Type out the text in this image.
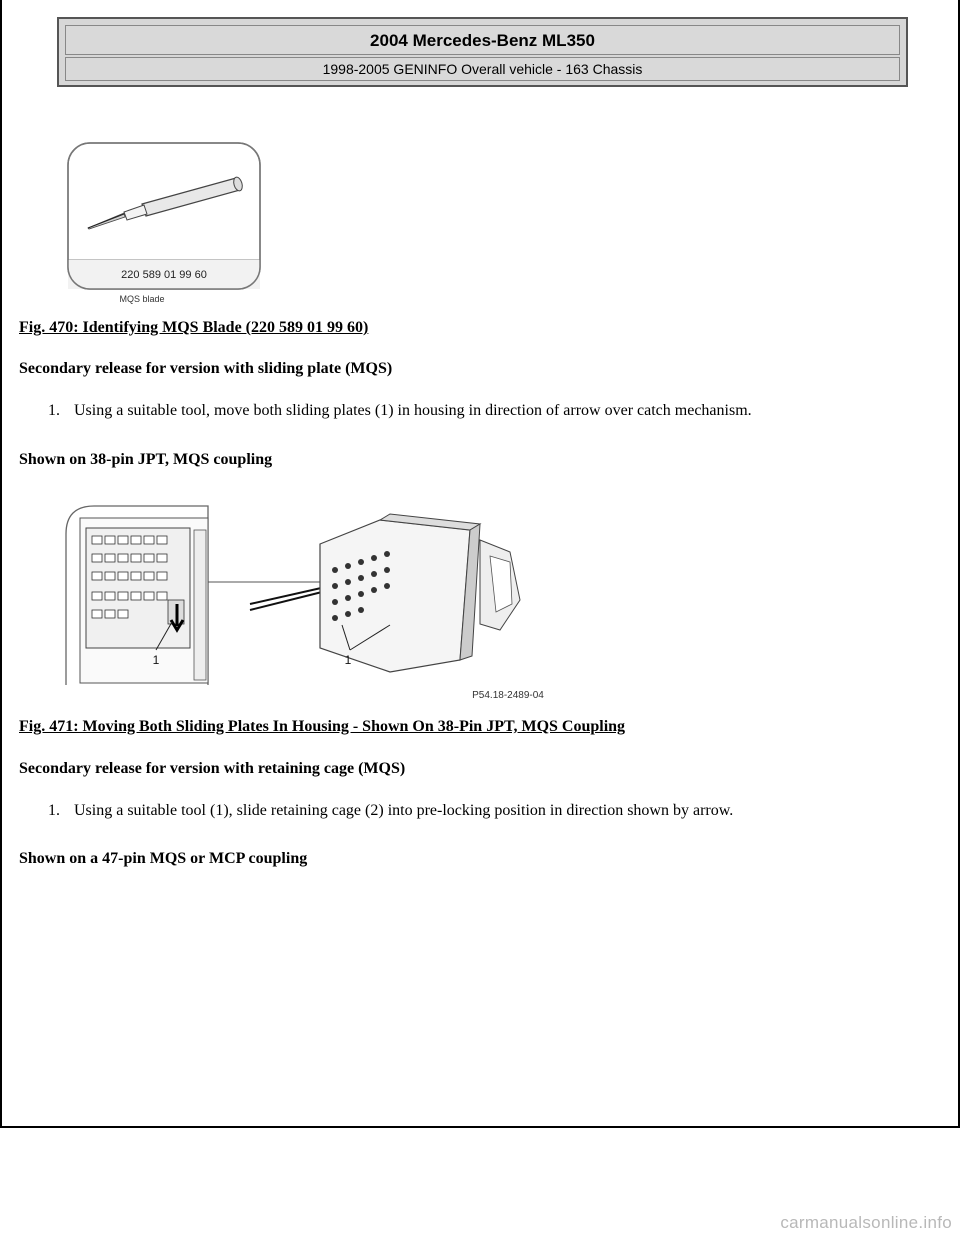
2004 Mercedes-Benz ML350
1998-2005 GENINFO Overall vehicle - 163 Chassis
220 589 01 99 60
MQS blade
Fig. 470: Identifying MQS Blade (220 589 01 99 60)
Secondary release for version with sliding plate (MQS)
1. Using a suitable tool, move both sliding plates (1) in housing in direction of arrow over catch mechanism.
Shown on 38-pin JPT, MQS coupling
1	1
P54.18-2489-04
Fig. 471: Moving Both Sliding Plates In Housing - Shown On 38-Pin JPT, MQS Coupling
Secondary release for version with retaining cage (MQS)
1. Using a suitable tool (1), slide retaining cage (2) into pre-locking position in direction shown by arrow.
Shown on a 47-pin MQS or MCP coupling
carmanualsonline.info
